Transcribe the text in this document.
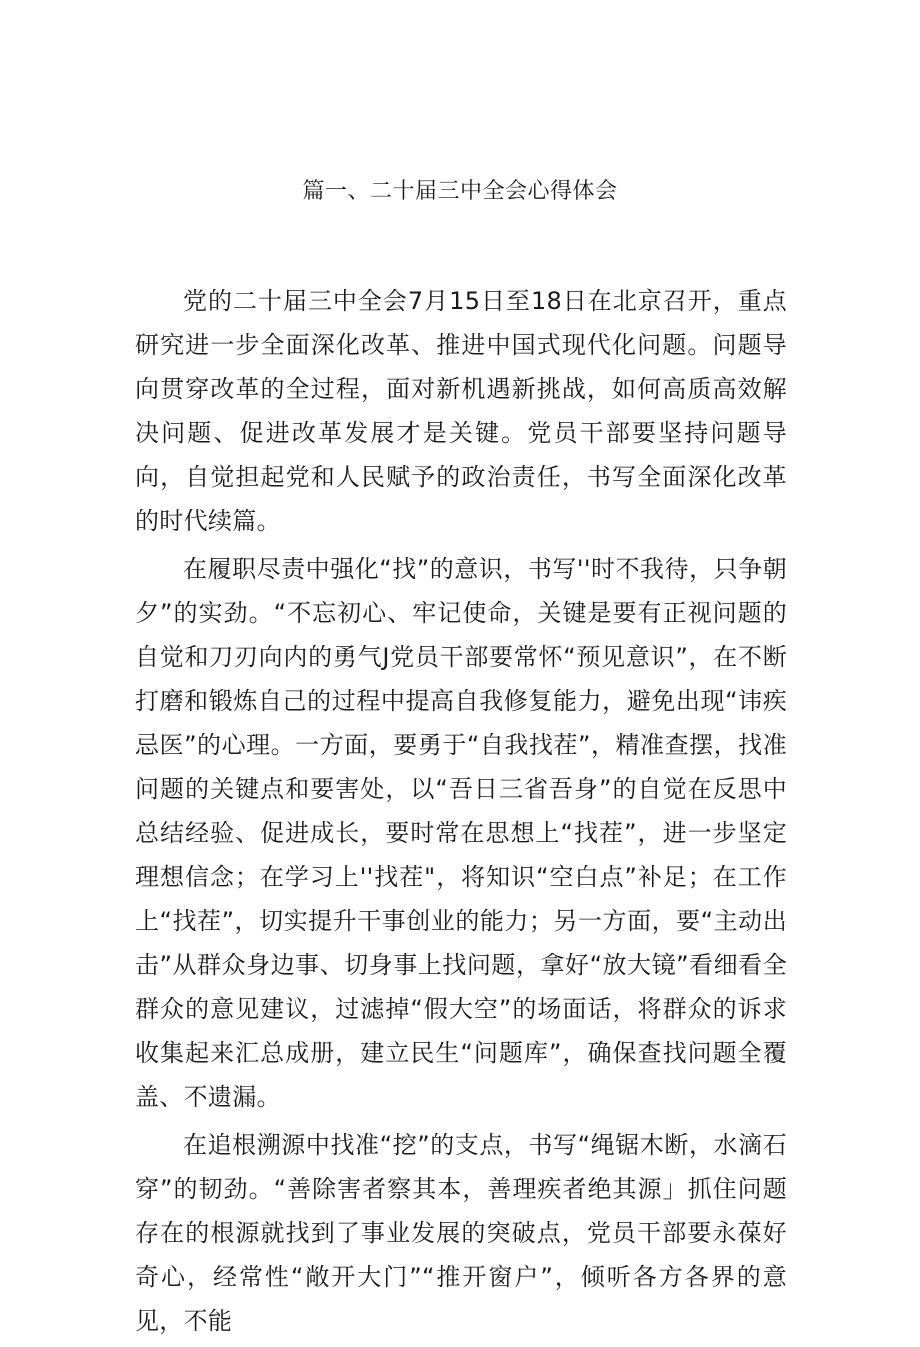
篇一、二十届三中全会心得体会

党的二十届三中全会7月15日至18日在北京召开，重点研究进一步全面深化改革、推进中国式现代化问题。问题导向贯穿改革的全过程，面对新机遇新挑战，如何高质高效解决问题、促进改革发展才是关键。党员干部要坚持问题导向，自觉担起党和人民赋予的政治责任，书写全面深化改革的时代续篇。

在履职尽责中强化“找”的意识，书写''时不我待，只争朝夕”的实劲。“不忘初心、牢记使命，关键是要有正视问题的自觉和刀刃向内的勇气J党员干部要常怀“预见意识”，在不断打磨和锻炼自己的过程中提高自我修复能力，避免出现“讳疾忌医”的心理。一方面，要勇于“自我找茬”，精准查摆，找准问题的关键点和要害处，以“吾日三省吾身”的自觉在反思中总结经验、促进成长，要时常在思想上“找茬”，进一步坚定理想信念；在学习上''找茬"，将知识“空白点”补足；在工作上“找茬”，切实提升干事创业的能力；另一方面，要“主动出击”从群众身边事、切身事上找问题，拿好“放大镜”看细看全群众的意见建议，过滤掉“假大空”的场面话，将群众的诉求收集起来汇总成册，建立民生“问题库”，确保查找问题全覆盖、不遗漏。

在追根溯源中找准“挖”的支点，书写“绳锯木断，水滴石穿”的韧劲。“善除害者察其本，善理疾者绝其源」抓住问题存在的根源就找到了事业发展的突破点，党员干部要永葆好奇心，经常性“敞开大门”“推开窗户”，倾听各方各界的意见，不能
